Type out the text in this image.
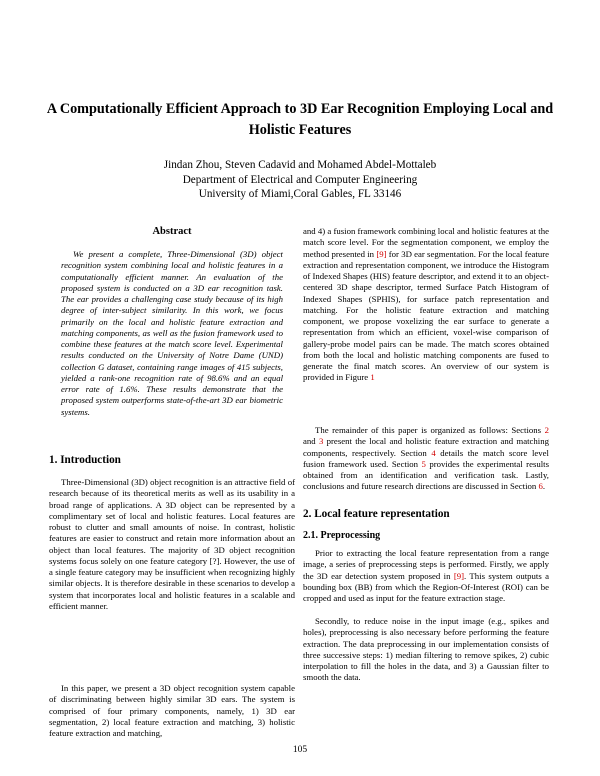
A Computationally Efficient Approach to 3D Ear Recognition Employing Local and Holistic Features
Jindan Zhou, Steven Cadavid and Mohamed Abdel-Mottaleb
Department of Electrical and Computer Engineering
University of Miami,Coral Gables, FL 33146
Abstract

We present a complete, Three-Dimensional (3D) object recognition system combining local and holistic features in a computationally efficient manner. An evaluation of the proposed system is conducted on a 3D ear recognition task. The ear provides a challenging case study because of its high degree of inter-subject similarity. In this work, we focus primarily on the local and holistic feature extraction and matching components, as well as the fusion framework used to combine these features at the match score level. Experimental results conducted on the University of Notre Dame (UND) collection G dataset, containing range images of 415 subjects, yielded a rank-one recognition rate of 98.6% and an equal error rate of 1.6%. These results demonstrate that the proposed system outperforms state-of-the-art 3D ear biometric systems.

1. Introduction

Three-Dimensional (3D) object recognition is an attractive field of research because of its theoretical merits as well as its usability in a broad range of applications. A 3D object can be represented by a complimentary set of local and holistic features. Local features are robust to clutter and small amounts of noise. In contrast, holistic features are easier to construct and retain more information about an object than local features. The majority of 3D object recognition systems focus solely on one feature category [?]. However, the use of a single feature category may be insufficient when recognizing highly similar objects. It is therefore desirable in these scenarios to develop a system that incorporates local and holistic features in a scalable and efficient manner.

In this paper, we present a 3D object recognition system capable of discriminating between highly similar 3D ears. The system is comprised of four primary components, namely, 1) 3D ear segmentation, 2) local feature extraction and matching, 3) holistic feature extraction and matching,

and 4) a fusion framework combining local and holistic features at the match score level. For the segmentation component, we employ the method presented in [9] for 3D ear segmentation. For the local feature extraction and representation component, we introduce the Histogram of Indexed Shapes (HIS) feature descriptor, and extend it to an object-centered 3D shape descriptor, termed Surface Patch Histogram of Indexed Shapes (SPHIS), for surface patch representation and matching. For the holistic feature extraction and matching component, we propose voxelizing the ear surface to generate a representation from which an efficient, voxel-wise comparison of gallery-probe model pairs can be made. The match scores obtained from both the local and holistic matching components are fused to generate the final match scores. An overview of our system is provided in Figure 1

The remainder of this paper is organized as follows: Sections 2 and 3 present the local and holistic feature extraction and matching components, respectively. Section 4 details the match score level fusion framework used. Section 5 provides the experimental results obtained from an identification and verification task. Lastly, conclusions and future research directions are discussed in Section 6.

2. Local feature representation
2.1. Preprocessing

Prior to extracting the local feature representation from a range image, a series of preprocessing steps is performed. Firstly, we apply the 3D ear detection system proposed in [9]. This system outputs a bounding box (BB) from which the Region-Of-Interest (ROI) can be cropped and used as input for the feature extraction stage.

Secondly, to reduce noise in the input image (e.g., spikes and holes), preprocessing is also necessary before performing the feature extraction. The data preprocessing in our implementation consists of three successive steps: 1) median filtering to remove spikes, 2) cubic interpolation to fill the holes in the data, and 3) a Gaussian filter to smooth the data.

105
